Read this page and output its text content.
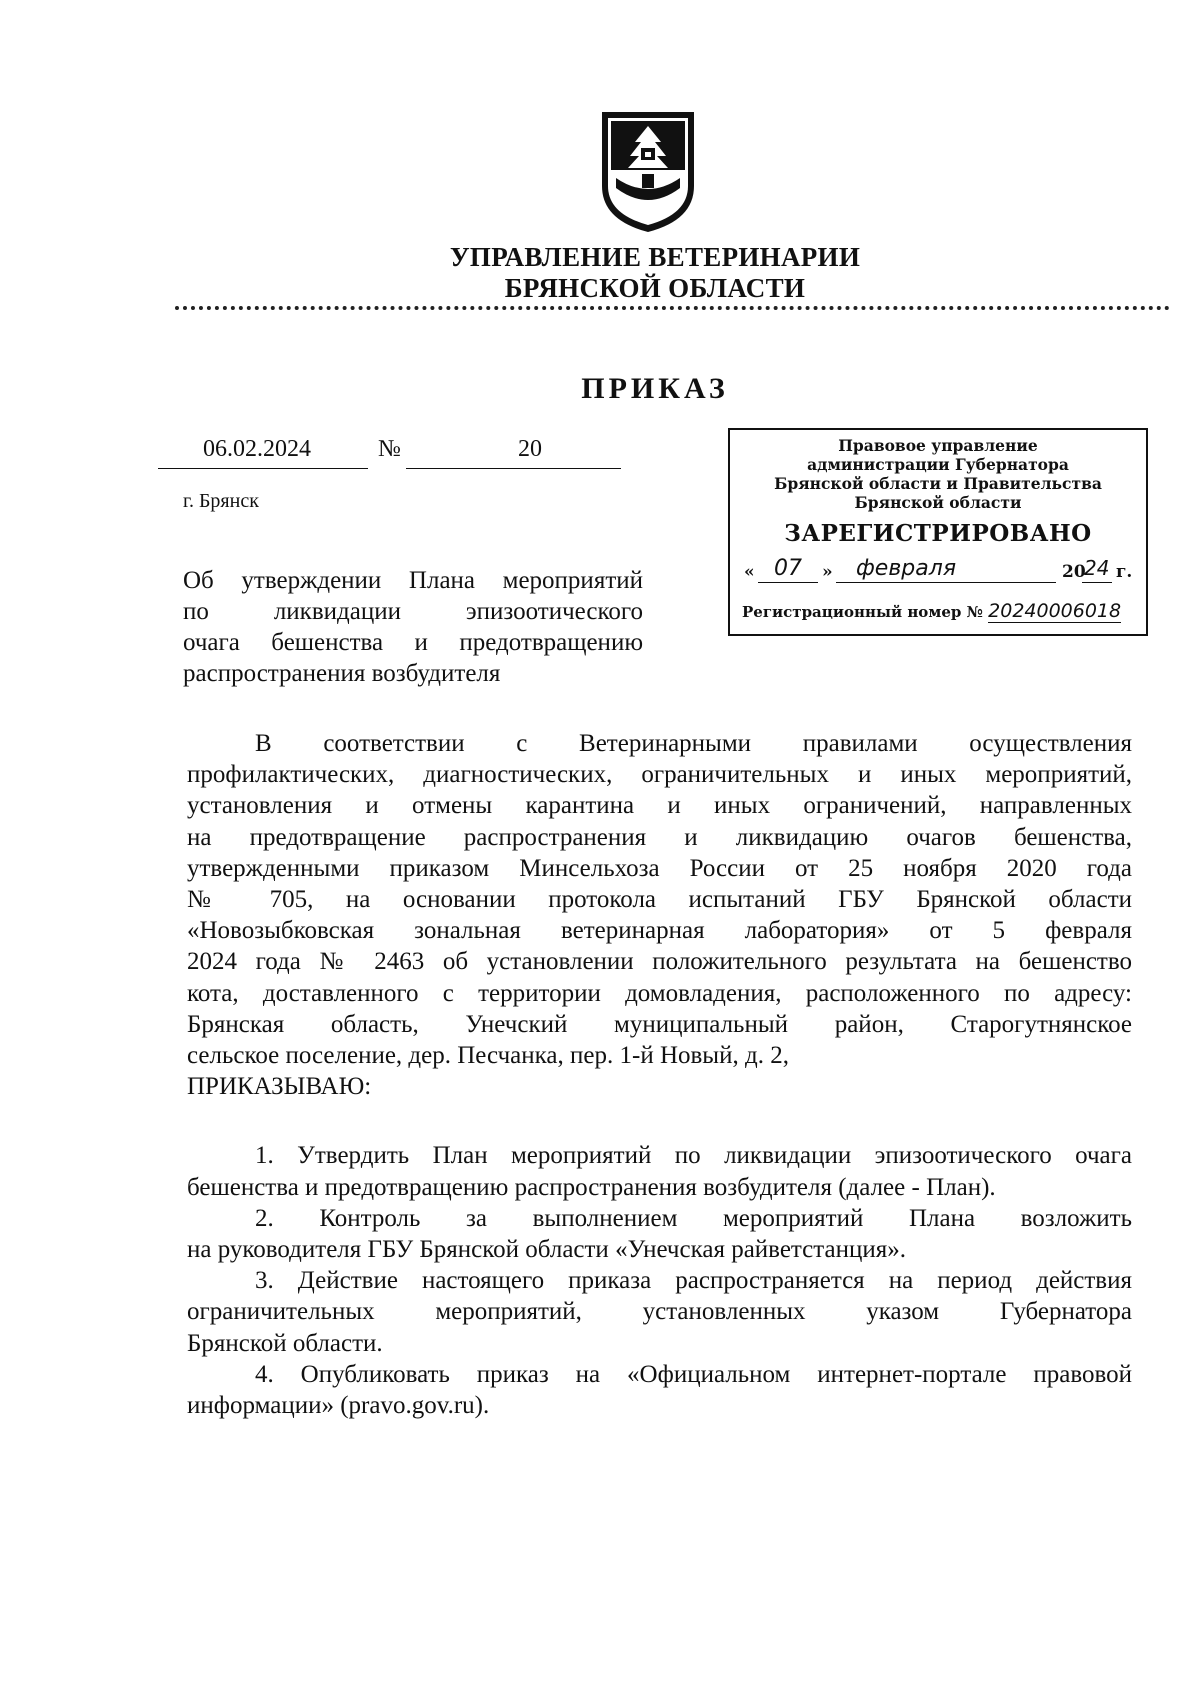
УПРАВЛЕНИЕ ВЕТЕРИНАРИИ
БРЯНСКОЙ ОБЛАСТИ
ПРИКАЗ
06.02.2024	№	20
г. Брянск
Об утверждении Плана мероприятий
по ликвидации эпизоотического
очага бешенства и предотвращению
распространения возбудителя
Правовое управление
администрации Губернатора
Брянской области и Правительства
Брянской области
ЗАРЕГИСТРИРОВАНО
« 07 » февраля	20
24 г.
Регистрационный номер № 20240006018
В соответствии с Ветеринарными правилами осуществления
профилактических, диагностических, ограничительных и иных мероприятий,
установления и отмены карантина и иных ограничений, направленных
на предотвращение распространения и ликвидацию очагов бешенства,
утвержденными приказом Минсельхоза России от 25 ноября 2020 года
№ 705, на основании протокола испытаний ГБУ Брянской области
«Новозыбковская зональная ветеринарная лаборатория» от 5 февраля
2024 года № 2463 об установлении положительного результата на бешенство
кота, доставленного с территории домовладения, расположенного по адресу:
Брянская область, Унечский муниципальный район, Старогутнянское
сельское поселение, дер. Песчанка, пер. 1-й Новый, д. 2,
ПРИКАЗЫВАЮ:
1. Утвердить План мероприятий по ликвидации эпизоотического очага
бешенства и предотвращению распространения возбудителя (далее - План).
2. Контроль за выполнением мероприятий Плана возложить
на руководителя ГБУ Брянской области «Унечская райветстанция».
3. Действие настоящего приказа распространяется на период действия
ограничительных мероприятий, установленных указом Губернатора
Брянской области.
4. Опубликовать приказ на «Официальном интернет-портале правовой
информации» (pravo.gov.ru).
